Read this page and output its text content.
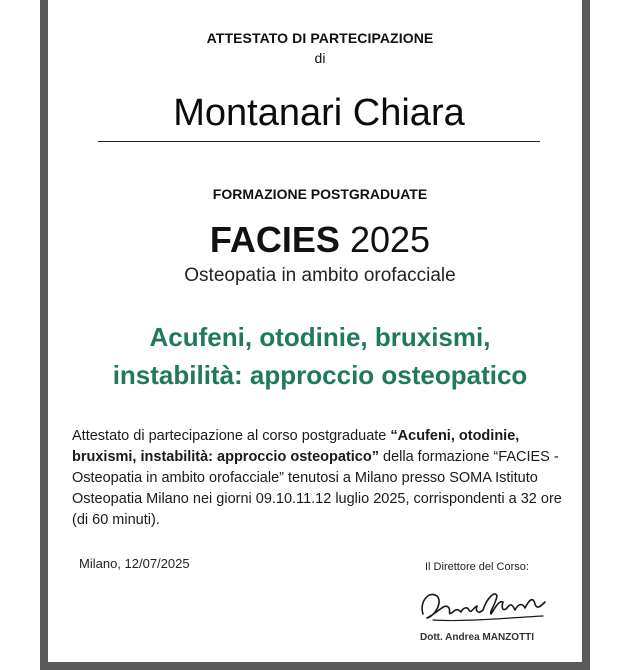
ATTESTATO DI PARTECIPAZIONE
di
Montanari Chiara
FORMAZIONE POSTGRADUATE
FACIES 2025
Osteopatia in ambito orofacciale
Acufeni, otodinie, bruxismi,
instabilità: approccio osteopatico
Attestato di partecipazione al corso postgraduate “Acufeni, otodinie, bruxismi, instabilità: approccio osteopatico” della formazione “FACIES - Osteopatia in ambito orofacciale” tenutosi a Milano presso SOMA Istituto Osteopatia Milano nei giorni 09.10.11.12 luglio 2025, corrispondenti a 32 ore (di 60 minuti).
Milano, 12/07/2025	Il Direttore del Corso:
Dott. Andrea MANZOTTI
